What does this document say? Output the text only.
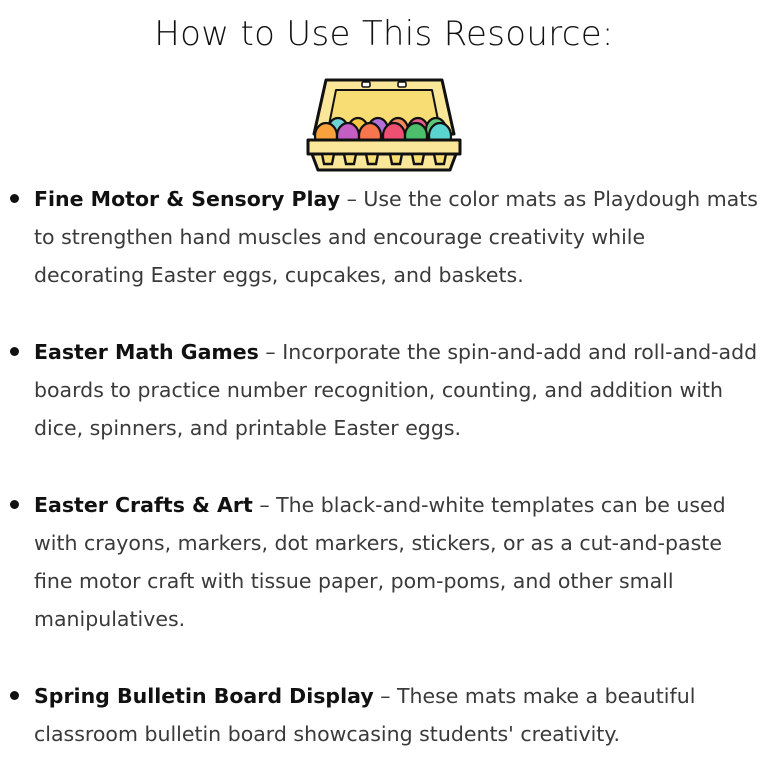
How to Use This Resource:
Fine Motor & Sensory Play – Use the color mats as Playdough mats to strengthen hand muscles and encourage creativity while decorating Easter eggs, cupcakes, and baskets.
Easter Math Games – Incorporate the spin-and-add and roll-and-add boards to practice number recognition, counting, and addition with dice, spinners, and printable Easter eggs.
Easter Crafts & Art – The black-and-white templates can be used with crayons, markers, dot markers, stickers, or as a cut-and-paste fine motor craft with tissue paper, pom-poms, and other small manipulatives.
Spring Bulletin Board Display – These mats make a beautiful classroom bulletin board showcasing students' creativity.
